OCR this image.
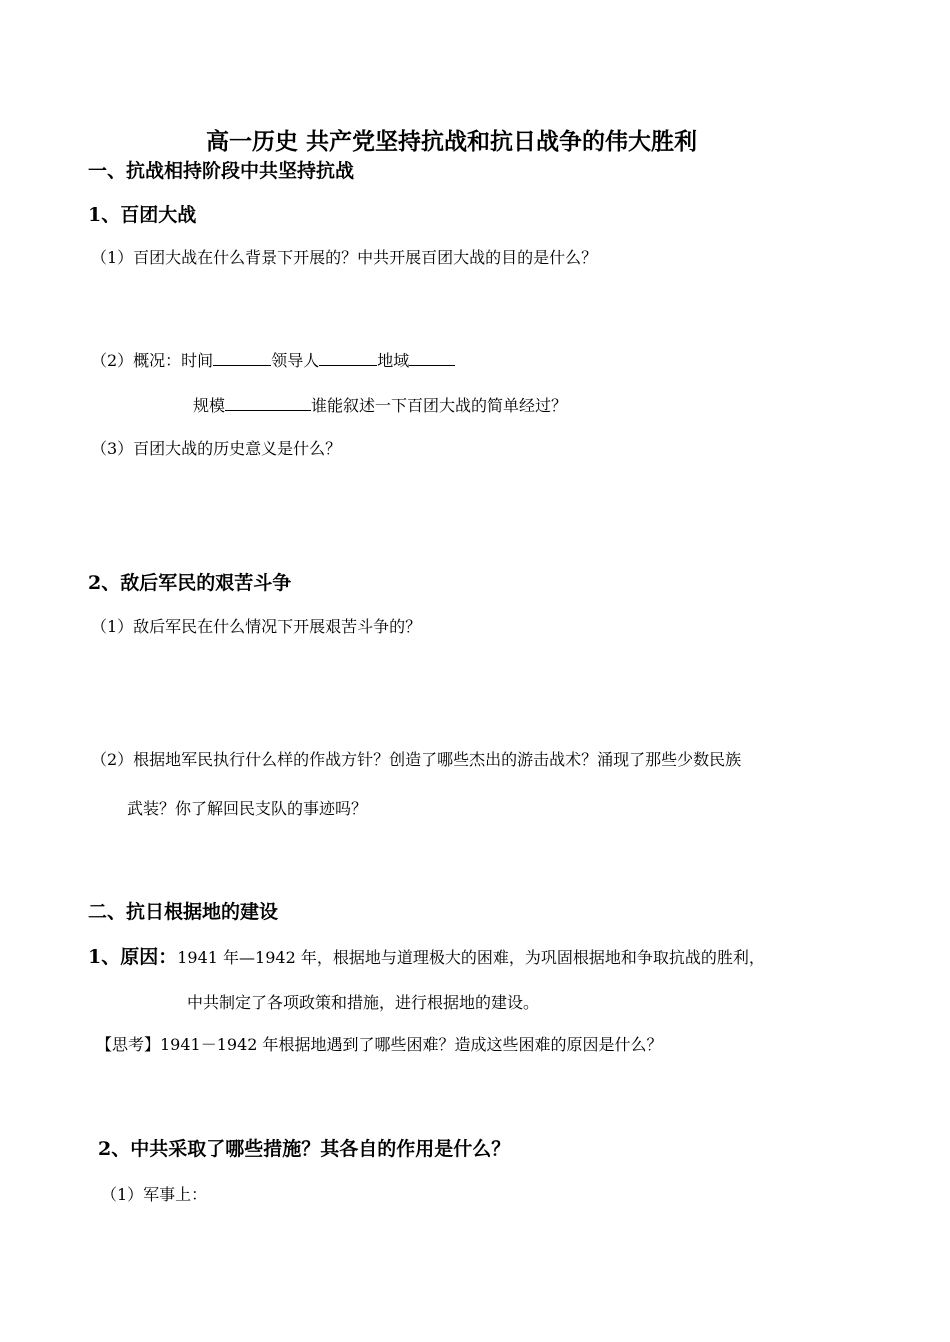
高一历史 共产党坚持抗战和抗日战争的伟大胜利
一、抗战相持阶段中共坚持抗战
1、百团大战
（1）百团大战在什么背景下开展的？中共开展百团大战的目的是什么？
（2）概况：时间	领导人	地域
规模	谁能叙述一下百团大战的简单经过？
（3）百团大战的历史意义是什么？
2、敌后军民的艰苦斗争
（1）敌后军民在什么情况下开展艰苦斗争的？
（2）根据地军民执行什么样的作战方针？创造了哪些杰出的游击战术？涌现了那些少数民族
武装？你了解回民支队的事迹吗？
二、抗日根据地的建设
1、原因：1941 年—1942 年，根据地与道理极大的困难，为巩固根据地和争取抗战的胜利，
中共制定了各项政策和措施，进行根据地的建设。
【思考】1941－1942 年根据地遇到了哪些困难？造成这些困难的原因是什么？
2、中共采取了哪些措施？其各自的作用是什么？
（1）军事上：
